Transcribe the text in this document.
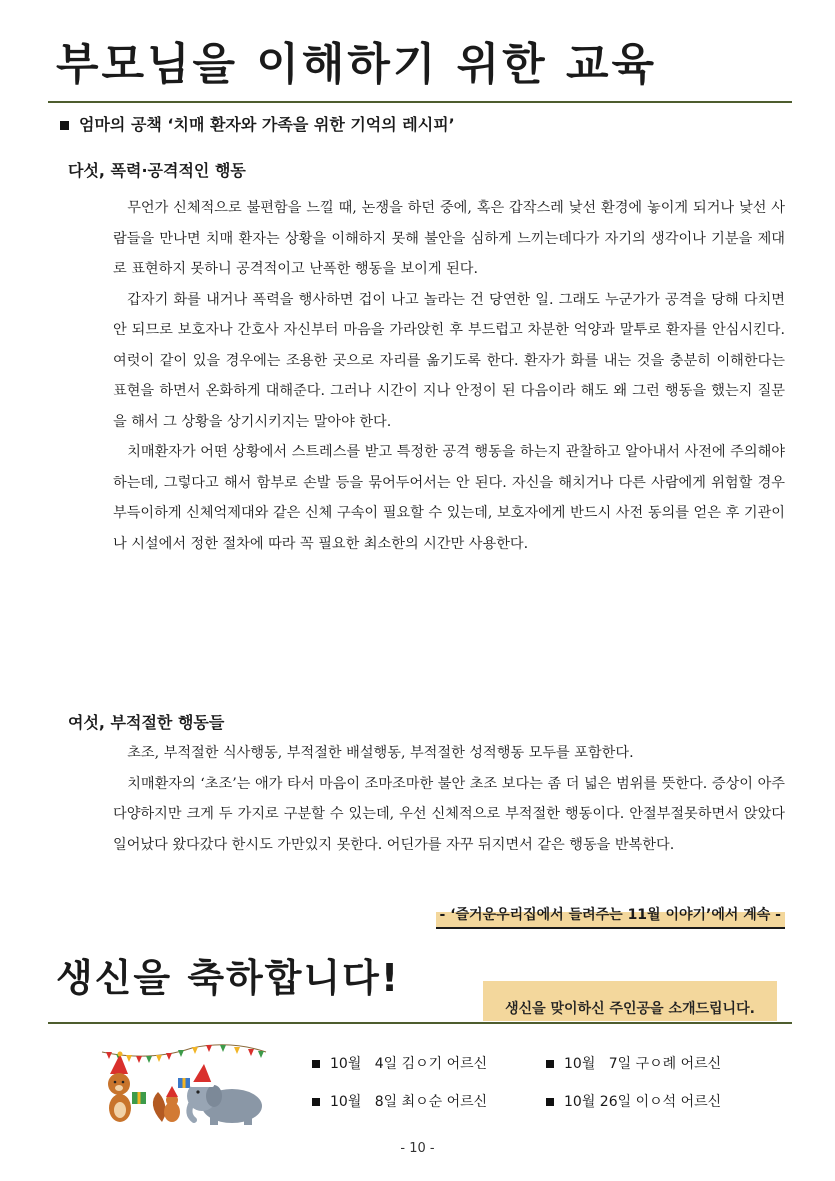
부모님을 이해하기 위한 교육
엄마의 공책 ‘치매 환자와 가족을 위한 기억의 레시피’
다섯, 폭력·공격적인 행동

무언가 신체적으로 불편함을 느낄 때, 논쟁을 하던 중에, 혹은 갑작스레 낯선 환경에 놓이게 되거나 낯선 사람들을 만나면 치매 환자는 상황을 이해하지 못해 불안을 심하게 느끼는데다가 자기의 생각이나 기분을 제대로 표현하지 못하니 공격적이고 난폭한 행동을 보이게 된다.

갑자기 화를 내거나 폭력을 행사하면 겁이 나고 놀라는 건 당연한 일. 그래도 누군가가 공격을 당해 다치면 안 되므로 보호자나 간호사 자신부터 마음을 가라앉힌 후 부드럽고 차분한 억양과 말투로 환자를 안심시킨다. 여럿이 같이 있을 경우에는 조용한 곳으로 자리를 옮기도록 한다. 환자가 화를 내는 것을 충분히 이해한다는 표현을 하면서 온화하게 대해준다. 그러나 시간이 지나 안정이 된 다음이라 해도 왜 그런 행동을 했는지 질문을 해서 그 상황을 상기시키지는 말아야 한다.

치매환자가 어떤 상황에서 스트레스를 받고 특정한 공격 행동을 하는지 관찰하고 알아내서 사전에 주의해야 하는데, 그렇다고 해서 함부로 손발 등을 묶어두어서는 안 된다. 자신을 해치거나 다른 사람에게 위험할 경우 부득이하게 신체억제대와 같은 신체 구속이 필요할 수 있는데, 보호자에게 반드시 사전 동의를 얻은 후 기관이나 시설에서 정한 절차에 따라 꼭 필요한 최소한의 시간만 사용한다.

여섯, 부적절한 행동들

초조, 부적절한 식사행동, 부적절한 배설행동, 부적절한 성적행동 모두를 포함한다.

치매환자의 ‘초조’는 애가 타서 마음이 조마조마한 불안 초조 보다는 좀 더 넓은 범위를 뜻한다. 증상이 아주 다양하지만 크게 두 가지로 구분할 수 있는데, 우선 신체적으로 부적절한 행동이다. 안절부절못하면서 앉았다 일어났다 왔다갔다 한시도 가만있지 못한다. 어딘가를 자꾸 뒤지면서 같은 행동을 반복한다.

- ‘즐거운우리집에서 들려주는 11월 이야기’에서 계속 -
생신을 축하합니다!
생신을 맞이하신 주인공을 소개드립니다.
10월   4일 김ㅇ기 어르신	10월   7일 구ㅇ례 어르신
10월   8일 최ㅇ순 어르신	10월 26일 이ㅇ석 어르신
- 10 -
